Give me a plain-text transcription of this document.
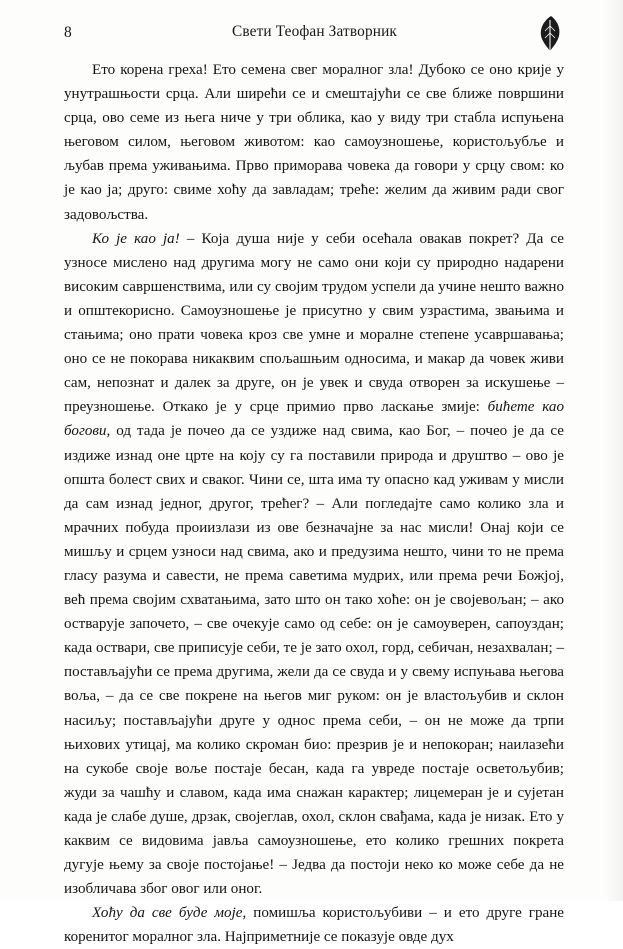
8	Свети Теофан Затворник

Ето корена греха! Ето семена свег моралног зла! Дубоко се оно крије у унутрашњости срца. Али ширећи се и смештајући се све ближе површини срца, ово семе из њега ниче у три облика, као у виду три стабла испуњена његовом силом, његовом животом: као самоузношење, користољубље и љубав према уживањима. Прво приморава човека да говори у срцу свом: ко је као ја; друго: свиме хоћу да завладам; треће: желим да живим ради свог задовољства.

Ко је као ја! – Која душа није у себи осећала овакав покрет? Да се узносе мислено над другима могу не само они који су природно надарени високим савршенствима, или су својим трудом успели да учине нешто важно и општекорисно. Самоузношење је присутно у свим узрастима, звањима и стањима; оно прати човека кроз све умне и моралне степене усавршавања; оно се не покорава никаквим спољашњим односима, и макар да човек живи сам, непознат и далек за друге, он је увек и свуда отворен за искушење – преузношење. Откако је у срце примио прво ласкање змије: бићете као богови, од тада је почео да се уздиже над свима, као Бог, – почео је да се издиже изнад оне црте на коју су га поставили природа и друштво – ово је општа болест свих и сваког. Чини се, шта има ту опасно кад уживам у мисли да сам изнад једног, другог, трећег? – Али погледајте само колико зла и мрачних побуда проиизлази из ове безначајне за нас мисли! Онај који се мишљу и срцем узноси над свима, ако и предузима нешто, чини то не према гласу разума и савести, не према саветима мудрих, или према речи Божјој, већ према својим схватањима, зато што он тако хоће: он је својевољан; – ако остварује започето, – све очекује само од себе: он је самоуверен, сапоуздан; када оствари, све приписује себи, те је зато охол, горд, себичан, незахвалан; – постављајући се према другима, жели да се свуда и у свему испуњава његова воља, – да се све покрене на његов миг руком: он је властољубив и склон насиљу; постављајући друге у однос према себи, – он не може да трпи њихових утицај, ма колико скроман био: презрив је и непокоран; наилазећи на сукобе своје воље постаје бесан, када га увреде постаје осветољубив; жуди за чашћу и славом, када има снажан карактер; лицемеран је и сујетан када је слабе душе, дрзак, својеглав, охол, склон свађама, када је низак. Ето у каквим се видовима јавља самоузношење, ето колико грешних покрета дугује њему за своје постојање! – Једва да постоји неко ко може себе да не изобличава због овог или оног.

Хоћу да све буде моје, помишља користољубиви – и ето друге гране коренитог моралног зла. Најприметније се показује овде дух
